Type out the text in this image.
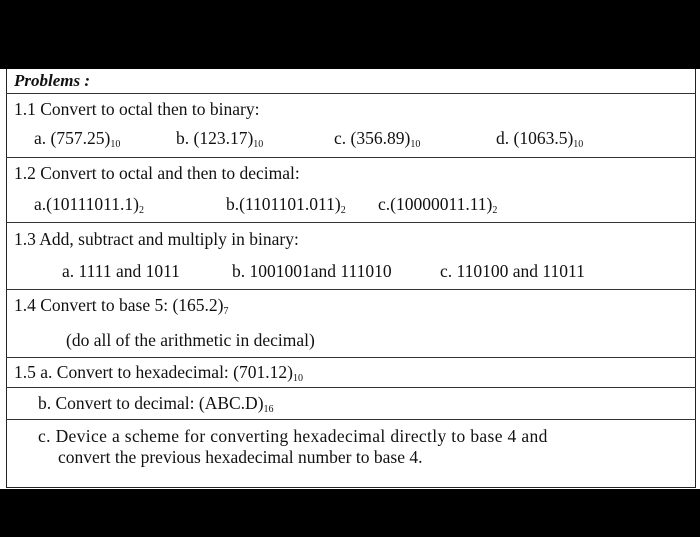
Problems :
1.1 Convert to octal then to binary:
a. $(757.25)_{10}$	b. $(123.17)_{10}$	c. $(356.89)_{10}$	d. $(1063.5)_{10}$
1.2 Convert to octal and then to decimal:
$a.(10111011.1)_2$	$b.(1101101.011)_2$ $c.(10000011.11)_2$
1.3 Add, subtract and multiply in binary:
a. 1111 and 1011	b. 1001001and 111010	c. 110100 and 11011
1.4 Convert to base 5: $(165.2)_7$
(do all of the arithmetic in decimal)
1.5 a. Convert to hexadecimal: $(701.12)_{10}$
b. Convert to decimal: $(ABC.D)_{16}$
c. Device a scheme for converting hexadecimal directly to base 4 and
convert the previous hexadecimal number to base 4.
